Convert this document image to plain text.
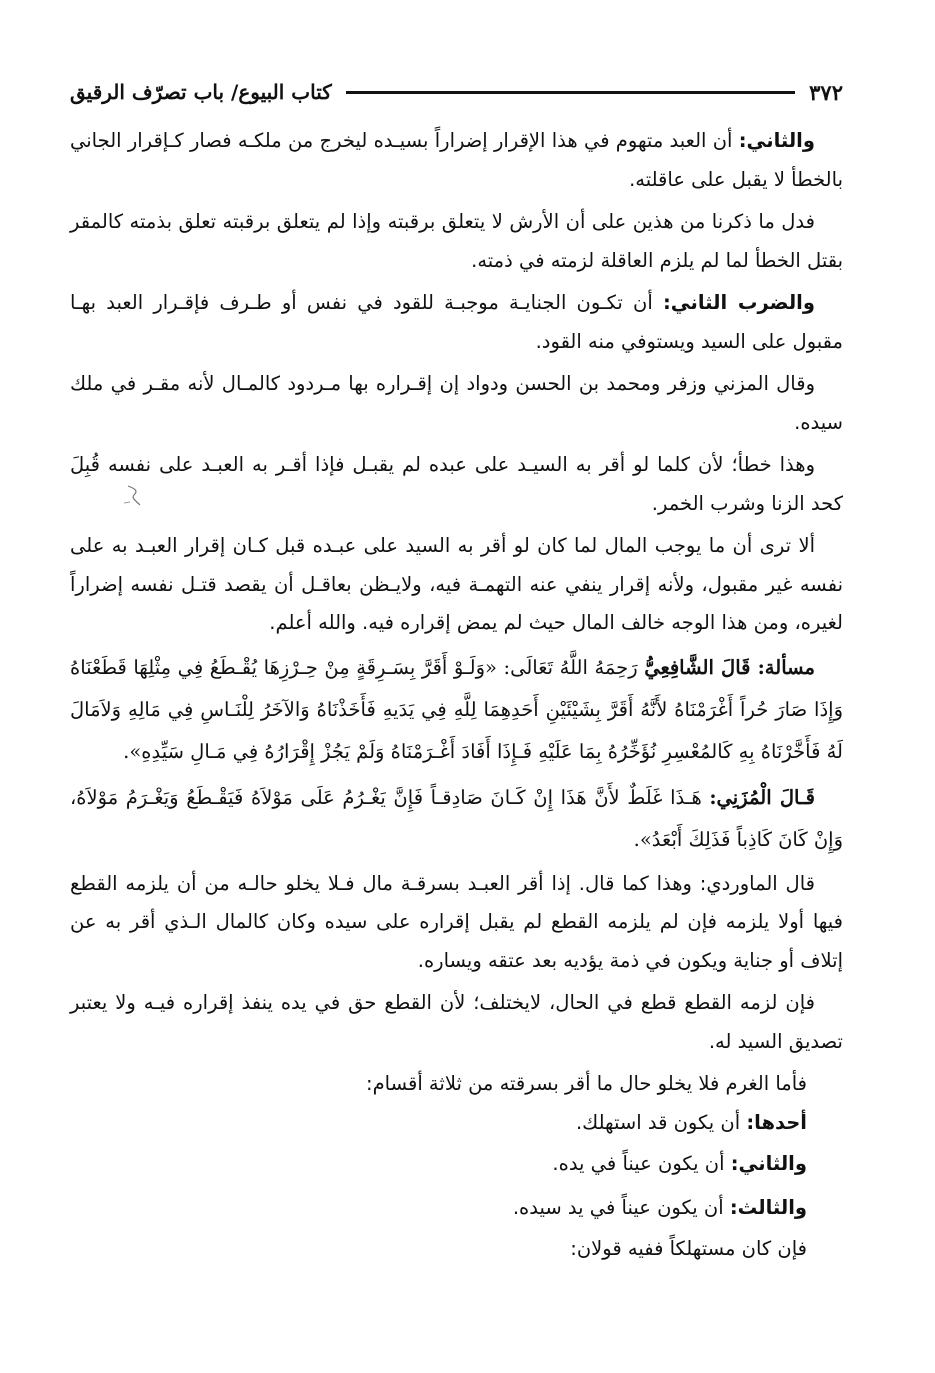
٣٧٢
كتاب البيوع/ باب تصرّف الرقيق

والثاني: أن العبد متهوم في هذا الإقرار إضراراً بسيـده ليخرج من ملكـه فصار كـإقرار الجاني بالخطأ لا يقبل على عاقلته.

فدل ما ذكرنا من هذين على أن الأرش لا يتعلق برقبته وإذا لم يتعلق برقبته تعلق بذمته كالمقر بقتل الخطأ لما لم يلزم العاقلة لزمته في ذمته.

والضرب الثاني: أن تكـون الجنايـة موجبـة للقود في نفس أو طـرف فإقـرار العبد بهـا مقبول على السيد ويستوفي منه القود.

وقال المزني وزفر ومحمد بن الحسن ودواد إن إقـراره بها مـردود كالمـال لأنه مقـر في ملك سيده.

وهذا خطأ؛ لأن كلما لو أقر به السيـد على عبده لم يقبـل فإذا أقـر به العبـد على نفسه قُبِلَ كحد الزنا وشرب الخمر.

ألا ترى أن ما يوجب المال لما كان لو أقر به السيد على عبـده قبل كـان إقرار العبـد به على نفسه غير مقبول، ولأنه إقرار ينفي عنه التهمـة فيه، ولايـظن بعاقـل أن يقصد قتـل نفسه إضراراً لغيره، ومن هذا الوجه خالف المال حيث لم يمض إقراره فيه. والله أعلم.

مسألة: قَالَ الشَّافِعِيُّ رَحِمَهُ اللَّهُ تَعَالَى: «وَلَـوْ أَقَرَّ بِسَـرِقَةٍ مِنْ حِـرْزِهَا يُقْـطَعُ فِي مِثْلِهَا قَطَعْنَاهُ وَإِذَا صَارَ حُراً أَغْرَمْنَاهُ لأَنَّهُ أَقَرَّ بِشَيْئَيْنِ أَحَدِهِمَا لِلَّهِ فِي يَدَيهِ فَأَخَذْنَاهُ وَالآخَرُ لِلْنَـاسِ فِي مَالِهِ وَلاَمَالَ لَهُ فَأَخَّرْنَاهُ بِهِ كَالمُعْسِرِ نُؤَخِّرُهُ بِمَا عَلَيْهِ فَـإِذَا أَفَادَ أَغْـرَمْنَاهُ وَلَمْ يَجُزْ إِقْرَارُهُ فِي مَـالِ سَيِّدِهِ».

قَـالَ الْمُزَنِي: هَـذَا غَلَطٌ لأَنَّ هَذَا إِنْ كَـانَ صَادِقـاً فَإِنَّ يَغْـرُمُ عَلَى مَوْلاَهُ فَيَقْـطَعُ وَيَغْـرَمُ مَوْلاَهُ، وَإِنْ كَانَ كَاذِباً فَذَلِكَ أَبْعَدُ».

قال الماوردي: وهذا كما قال. إذا أقر العبـد بسرقـة مال فـلا يخلو حالـه من أن يلزمه القطع فيها أولا يلزمه فإن لم يلزمه القطع لم يقبل إقراره على سيده وكان كالمال الـذي أقر به عن إتلاف أو جناية ويكون في ذمة يؤديه بعد عتقه ويساره.

فإن لزمه القطع قطع في الحال، لايختلف؛ لأن القطع حق في يده ينفذ إقراره فيـه ولا يعتبر تصديق السيد له.

فأما الغرم فلا يخلو حال ما أقر بسرقته من ثلاثة أقسام:

أحدها: أن يكون قد استهلك.

والثاني: أن يكون عيناً في يده.

والثالث: أن يكون عيناً في يد سيده.

فإن كان مستهلكاً ففيه قولان:
